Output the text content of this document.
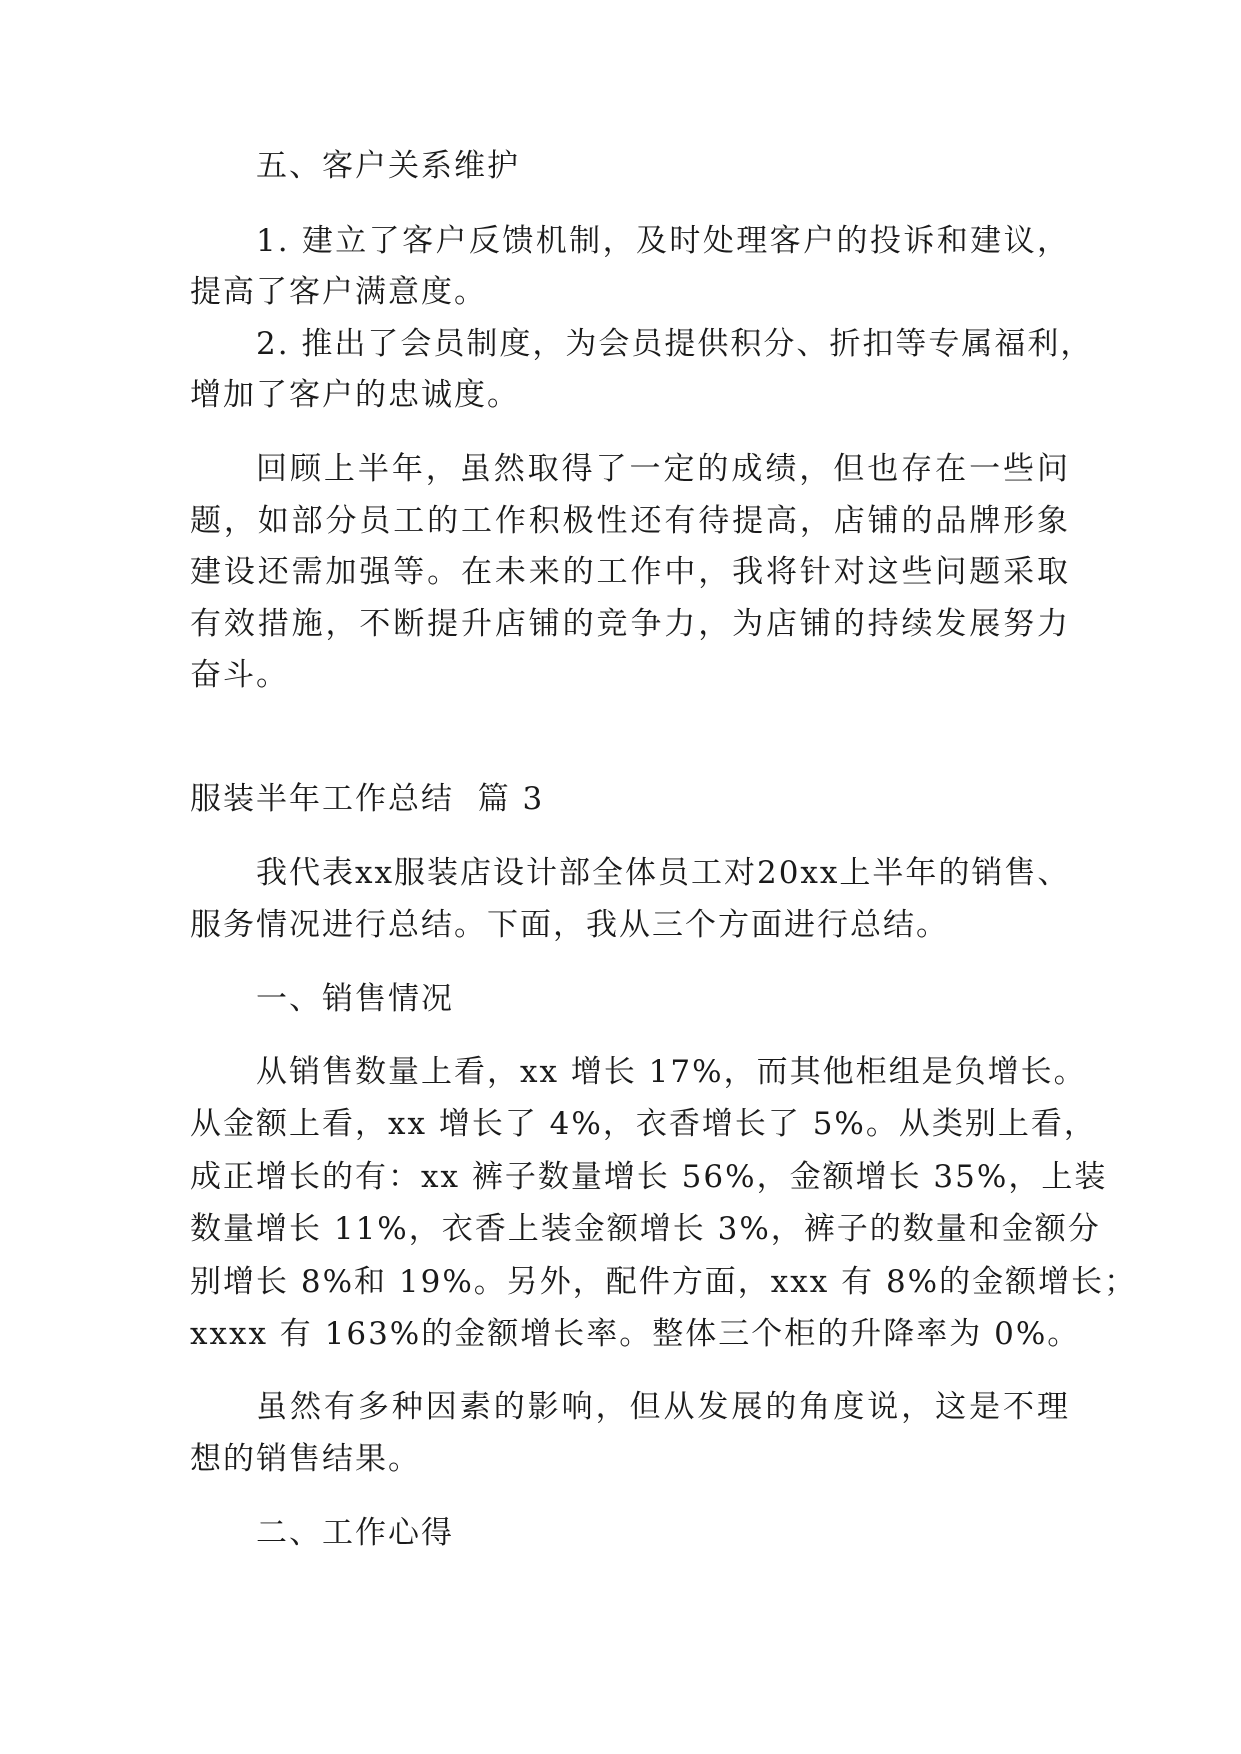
五、客户关系维护
1. 建立了客户反馈机制，及时处理客户的投诉和建议，
提高了客户满意度。
2. 推出了会员制度，为会员提供积分、折扣等专属福利，
增加了客户的忠诚度。
回顾上半年，虽然取得了一定的成绩，但也存在一些问
题，如部分员工的工作积极性还有待提高，店铺的品牌形象
建设还需加强等。在未来的工作中，我将针对这些问题采取
有效措施，不断提升店铺的竞争力，为店铺的持续发展努力
奋斗。
服装半年工作总结  篇 3
我代表xx服装店设计部全体员工对20xx上半年的销售、
服务情况进行总结。下面，我从三个方面进行总结。
一、销售情况
从销售数量上看，xx 增长 17%，而其他柜组是负增长。
从金额上看，xx 增长了 4%，衣香增长了 5%。从类别上看，
成正增长的有：xx 裤子数量增长 56%，金额增长 35%，上装
数量增长 11%，衣香上装金额增长 3%，裤子的数量和金额分
别增长 8%和 19%。另外，配件方面，xxx 有 8%的金额增长；
xxxx 有 163%的金额增长率。整体三个柜的升降率为 0%。
虽然有多种因素的影响，但从发展的角度说，这是不理
想的销售结果。
二、工作心得
